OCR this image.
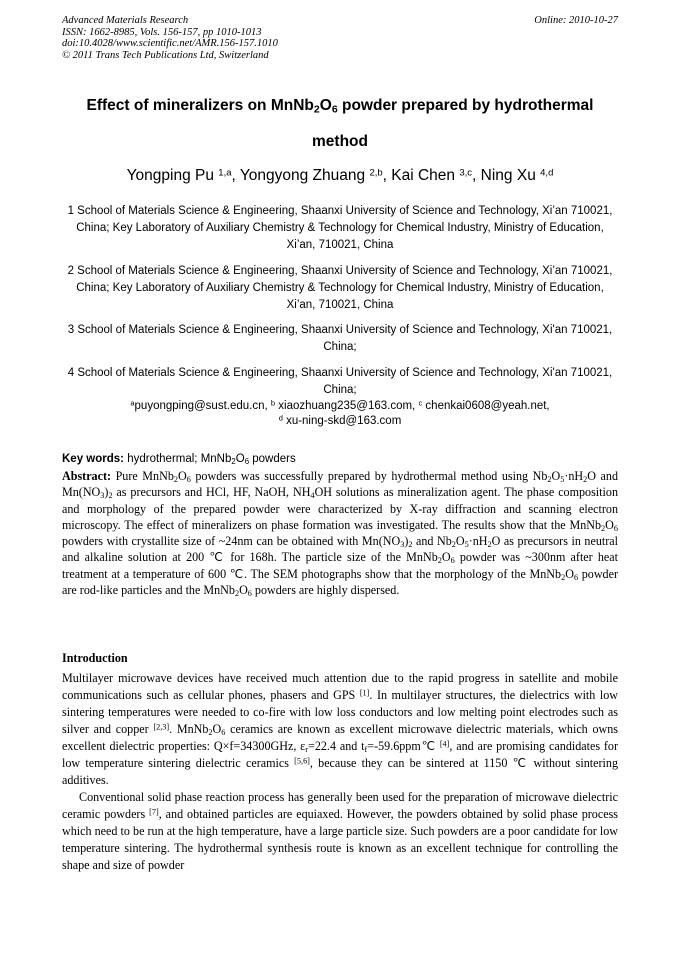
Advanced Materials Research
ISSN: 1662-8985, Vols. 156-157, pp 1010-1013
doi:10.4028/www.scientific.net/AMR.156-157.1010
© 2011 Trans Tech Publications Ltd, Switzerland
Online: 2010-10-27
Effect of mineralizers on $MnNb_2O_6$ powder prepared by hydrothermal method
Yongping Pu $^{1,a}$, Yongyong Zhuang $^{2,b}$, Kai Chen $^{3,c}$, Ning Xu $^{4,d}$
1 School of Materials Science & Engineering, Shaanxi University of Science and Technology, Xi’an 710021, China; Key Laboratory of Auxiliary Chemistry & Technology for Chemical Industry, Ministry of Education, Xi’an, 710021, China
2 School of Materials Science & Engineering, Shaanxi University of Science and Technology, Xi’an 710021, China; Key Laboratory of Auxiliary Chemistry & Technology for Chemical Industry, Ministry of Education, Xi’an, 710021, China
3 School of Materials Science & Engineering, Shaanxi University of Science and Technology, Xi'an 710021, China;
4 School of Materials Science & Engineering, Shaanxi University of Science and Technology, Xi'an 710021, China;
$^a$puyongping@sust.edu.cn, $^b$ xiaozhuang235@163.com, $^c$ chenkai0608@yeah.net,
$^d$ xu-ning-skd@163.com
Key words: hydrothermal; $MnNb_2O_6$ powders
Abstract: Pure $MnNb_2O_6$ powders was successfully prepared by hydrothermal method using $Nb_2O_5\cdot nH_2O$ and $Mn(NO_3)_2$ as precursors and HCl, HF, NaOH, $NH_4OH$ solutions as mineralization agent. The phase composition and morphology of the prepared powder were characterized by X-ray diffraction and scanning electron microscopy. The effect of mineralizers on phase formation was investigated. The results show that the $MnNb_2O_6$ powders with crystallite size of ~24nm can be obtained with $Mn(NO_3)_2$ and $Nb_2O_5\cdot nH_2O$ as precursors in neutral and alkaline solution at 200 ℃ for 168h. The particle size of the $MnNb_2O_6$ powder was ~300nm after heat treatment at a temperature of 600 ℃. The SEM photographs show that the morphology of the $MnNb_2O_6$ powder are rod-like particles and the $MnNb_2O_6$ powders are highly dispersed.
Introduction

Multilayer microwave devices have received much attention due to the rapid progress in satellite and mobile communications such as cellular phones, phasers and GPS [1]. In multilayer structures, the dielectrics with low sintering temperatures were needed to co-fire with low loss conductors and low melting point electrodes such as silver and copper [2,3]. $MnNb_2O_6$ ceramics are known as excellent microwave dielectric materials, which owns excellent dielectric properties: Q×f=34300GHz, $\varepsilon_r=22.4$ and $t_f=-59.6ppm℃$ [4], and are promising candidates for low temperature sintering dielectric ceramics [5,6], because they can be sintered at 1150 ℃ without sintering additives.

Conventional solid phase reaction process has generally been used for the preparation of microwave dielectric ceramic powders [7], and obtained particles are equiaxed. However, the powders obtained by solid phase process which need to be run at the high temperature, have a large particle size. Such powders are a poor candidate for low temperature sintering. The hydrothermal synthesis route is known as an excellent technique for controlling the shape and size of powder
